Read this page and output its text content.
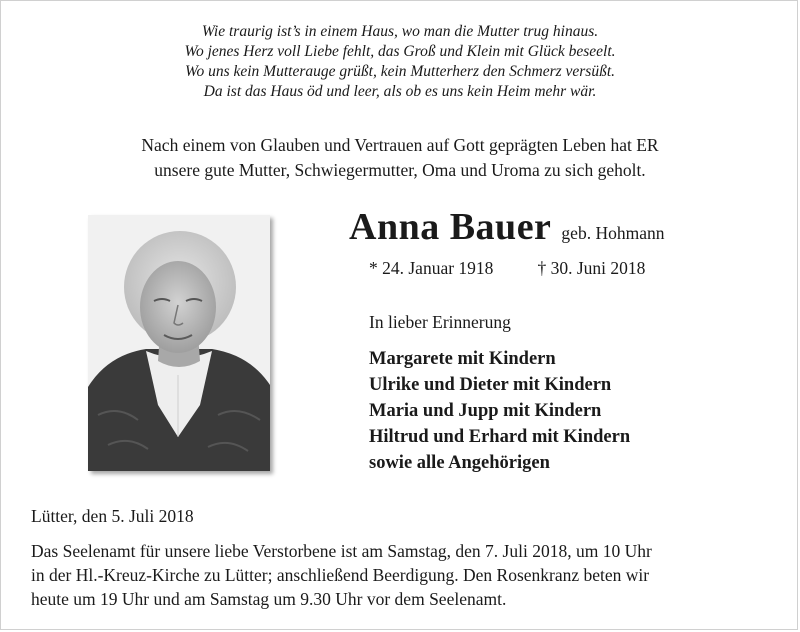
Wie traurig ist’s in einem Haus, wo man die Mutter trug hinaus.
Wo jenes Herz voll Liebe fehlt, das Groß und Klein mit Glück beseelt.
Wo uns kein Mutterauge grüßt, kein Mutterherz den Schmerz versüßt.
Da ist das Haus öd und leer, als ob es uns kein Heim mehr wär.
Nach einem von Glauben und Vertrauen auf Gott geprägten Leben hat ER
unsere gute Mutter, Schwiegermutter, Oma und Uroma zu sich geholt.
Anna Bauer geb. Hohmann
* 24. Januar 1918	† 30. Juni 2018
In lieber Erinnerung
Margarete mit Kindern
Ulrike und Dieter mit Kindern
Maria und Jupp mit Kindern
Hiltrud und Erhard mit Kindern
sowie alle Angehörigen
Lütter, den 5. Juli 2018
Das Seelenamt für unsere liebe Verstorbene ist am Samstag, den 7. Juli 2018, um 10 Uhr
in der Hl.-Kreuz-Kirche zu Lütter; anschließend Beerdigung. Den Rosenkranz beten wir
heute um 19 Uhr und am Samstag um 9.30 Uhr vor dem Seelenamt.
